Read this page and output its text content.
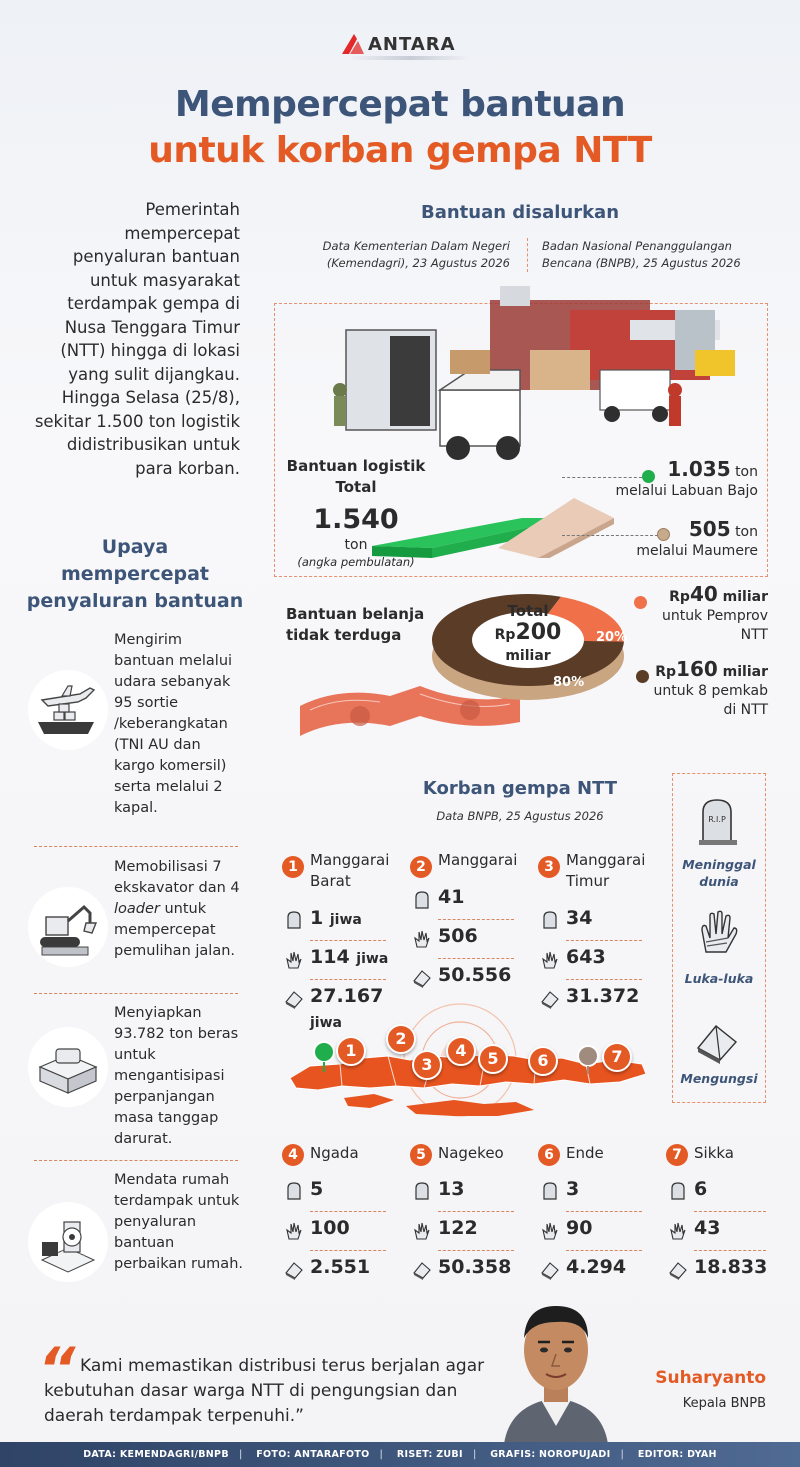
ANTARA
Mempercepat bantuan
untuk korban gempa NTT
Pemerintah mempercepat penyaluran bantuan untuk masyarakat terdampak gempa di Nusa Tenggara Timur (NTT) hingga di lokasi yang sulit dijangkau. Hingga Selasa (25/8), sekitar 1.500 ton logistik didistribusikan untuk para korban.
Upaya
mempercepat
penyaluran bantuan
Mengirim bantuan melalui udara sebanyak 95 sortie /keberangkatan (TNI AU dan kargo komersil) serta melalui 2 kapal.
Memobilisasi 7 ekskavator dan 4 loader untuk mempercepat pemulihan jalan.
Menyiapkan 93.782 ton beras untuk mengantisipasi perpanjangan masa tanggap darurat.
Mendata rumah terdampak untuk penyaluran bantuan perbaikan rumah.
Bantuan disalurkan
Data Kementerian Dalam Negeri (Kemendagri), 23 Agustus 2026
Badan Nasional Penanggulangan Bencana (BNPB), 25 Agustus 2026
Bantuan logistik Total
1.540
ton
(angka pembulatan)
1.035 ton
melalui Labuan Bajo
505 ton
melalui Maumere
Bantuan belanja tidak terduga
Total
Rp200
miliar
20%
80%
Rp40 miliar
untuk Pemprov NTT
Rp160 miliar
untuk 8 pemkab di NTT
Korban gempa NTT
Data BNPB, 25 Agustus 2026	R.I.P
Meninggal dunia
Luka-luka
Mengungsi
1 Manggarai Barat
1 jiwa
114 jiwa
27.167
jiwa
2 Manggarai
41
506
50.556
3 Manggarai Timur
34
643
31.372
1
2
3
4	5	6	7
4 Ngada
5
100
2.551
5 Nagekeo
13
122
50.358
6 Ende
3
90
4.294
7 Sikka
6
43
18.833
“ Kami memastikan distribusi terus berjalan agar kebutuhan dasar warga NTT di pengungsian dan daerah terdampak terpenuhi.”
Suharyanto
Kepala BNPB
DATA: KEMENDAGRI/BNPB | FOTO: ANTARAFOTO | RISET: ZUBI | GRAFIS: NOROPUJADI | EDITOR: DYAH
